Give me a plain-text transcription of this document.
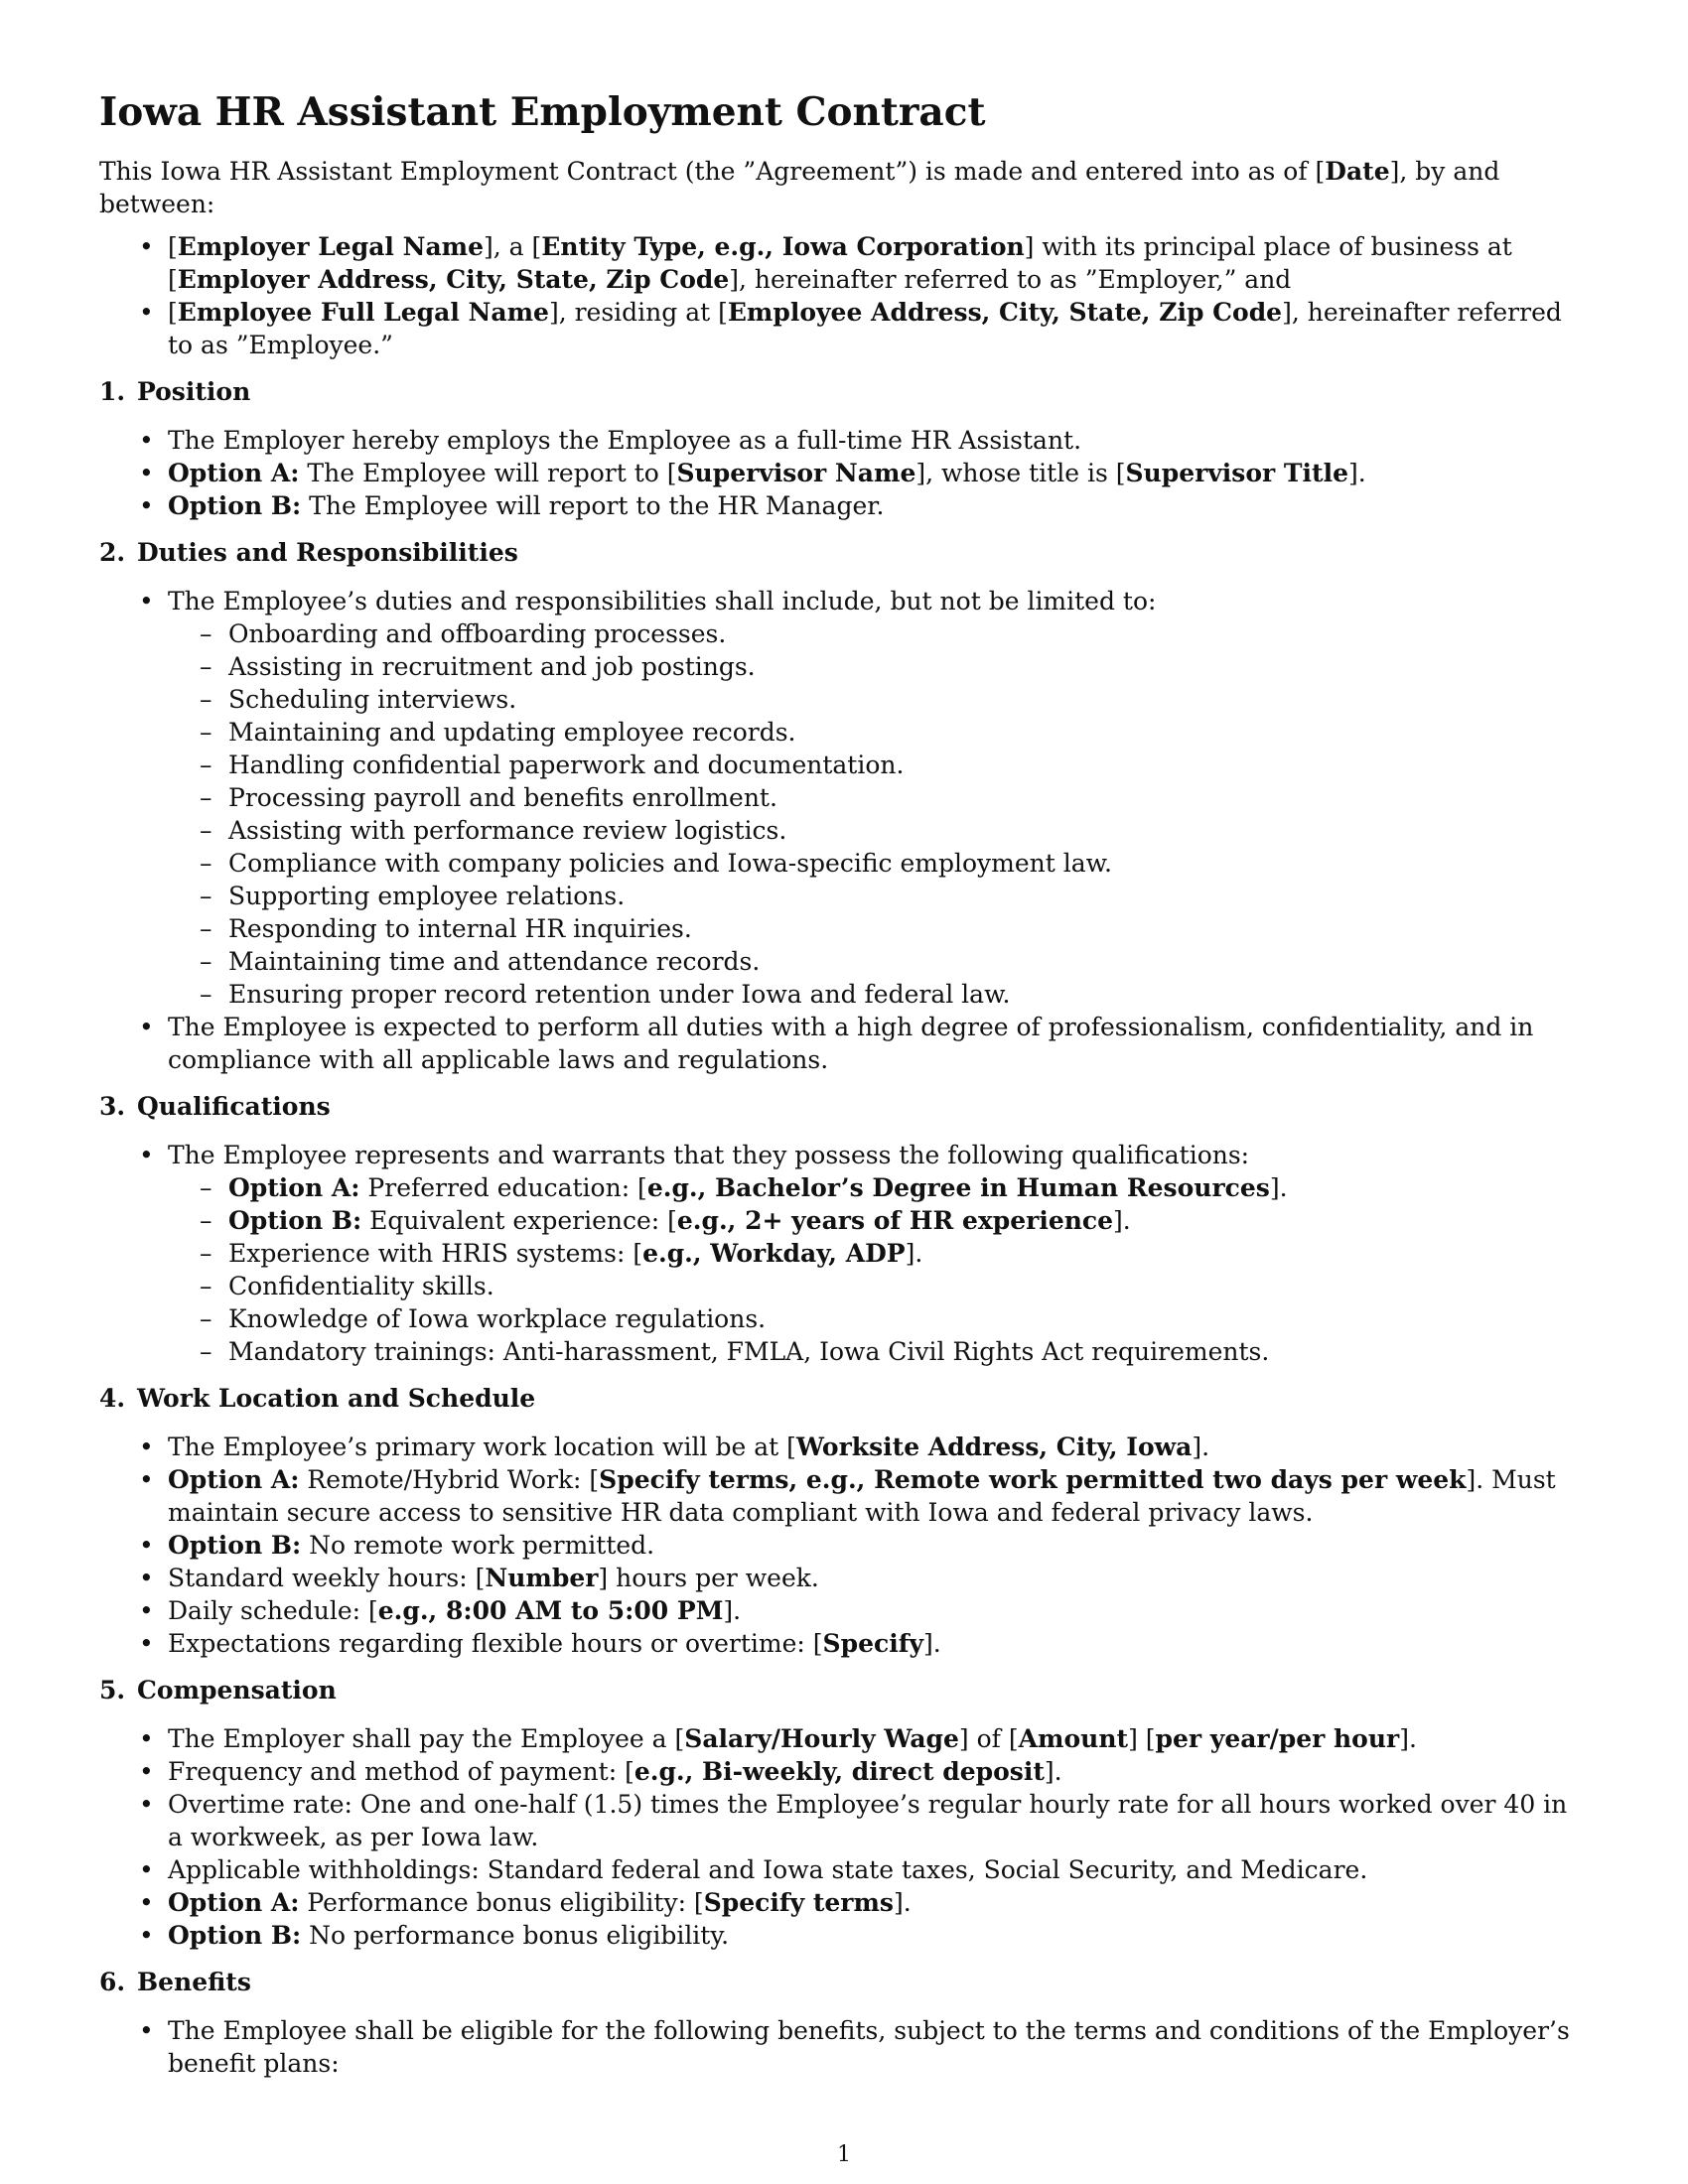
Iowa HR Assistant Employment Contract

This Iowa HR Assistant Employment Contract (the ”Agreement”) is made and entered into as of [Date], by and between:

• [Employer Legal Name], a [Entity Type, e.g., Iowa Corporation] with its principal place of business at [Employer Address, City, State, Zip Code], hereinafter referred to as ”Employer,” and
• [Employee Full Legal Name], residing at [Employee Address, City, State, Zip Code], hereinafter referred to as ”Employee.”
1. Position
• The Employer hereby employs the Employee as a full-time HR Assistant.
• Option A: The Employee will report to [Supervisor Name], whose title is [Supervisor Title].
• Option B: The Employee will report to the HR Manager.
2. Duties and Responsibilities
• The Employee’s duties and responsibilities shall include, but not be limited to:
– Onboarding and offboarding processes.
– Assisting in recruitment and job postings.
– Scheduling interviews.
– Maintaining and updating employee records.
– Handling confidential paperwork and documentation.
– Processing payroll and benefits enrollment.
– Assisting with performance review logistics.
– Compliance with company policies and Iowa-specific employment law.
– Supporting employee relations.
– Responding to internal HR inquiries.
– Maintaining time and attendance records.
– Ensuring proper record retention under Iowa and federal law.
• The Employee is expected to perform all duties with a high degree of professionalism, confidentiality, and in compliance with all applicable laws and regulations.
3. Qualifications
• The Employee represents and warrants that they possess the following qualifications:
– Option A: Preferred education: [e.g., Bachelor’s Degree in Human Resources].
– Option B: Equivalent experience: [e.g., 2+ years of HR experience].
– Experience with HRIS systems: [e.g., Workday, ADP].
– Confidentiality skills.
– Knowledge of Iowa workplace regulations.
– Mandatory trainings: Anti-harassment, FMLA, Iowa Civil Rights Act requirements.
4. Work Location and Schedule
• The Employee’s primary work location will be at [Worksite Address, City, Iowa].
• Option A: Remote/Hybrid Work: [Specify terms, e.g., Remote work permitted two days per week]. Must maintain secure access to sensitive HR data compliant with Iowa and federal privacy laws.
• Option B: No remote work permitted.
• Standard weekly hours: [Number] hours per week.
• Daily schedule: [e.g., 8:00 AM to 5:00 PM].
• Expectations regarding flexible hours or overtime: [Specify].
5. Compensation
• The Employer shall pay the Employee a [Salary/Hourly Wage] of [Amount] [per year/per hour].
• Frequency and method of payment: [e.g., Bi-weekly, direct deposit].
• Overtime rate: One and one-half (1.5) times the Employee’s regular hourly rate for all hours worked over 40 in a workweek, as per Iowa law.
• Applicable withholdings: Standard federal and Iowa state taxes, Social Security, and Medicare.
• Option A: Performance bonus eligibility: [Specify terms].
• Option B: No performance bonus eligibility.
6. Benefits
• The Employee shall be eligible for the following benefits, subject to the terms and conditions of the Employer’s benefit plans:
1
